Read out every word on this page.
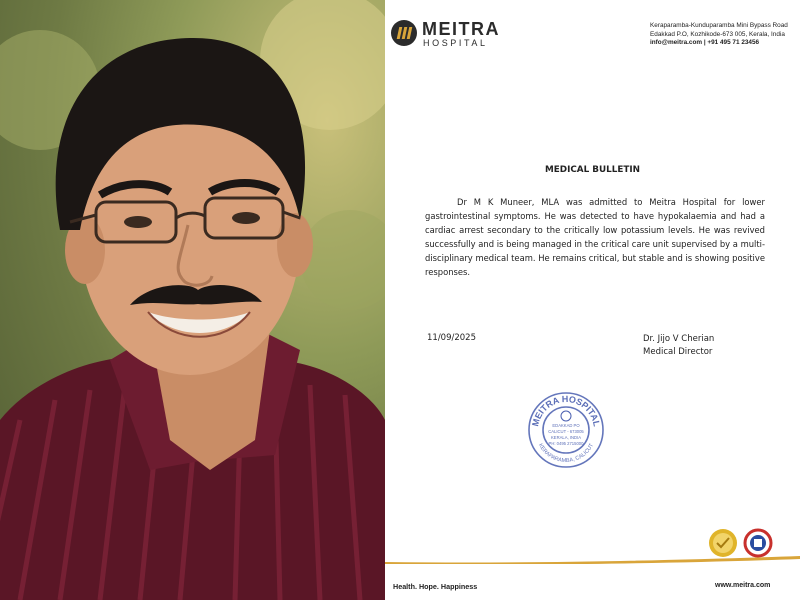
MEITRA
HOSPITAL
Keraparamba-Kunduparamba Mini Bypass Road
Edakkad P.O, Kozhikode-673 005, Kerala, India
info@meitra.com | +91 495 71 23456
MEDICAL BULLETIN
Dr M K Muneer, MLA was admitted to Meitra Hospital for lower gastrointestinal symptoms. He was detected to have hypokalaemia and had a cardiac arrest secondary to the critically low potassium levels. He was revived successfully and is being managed in the critical care unit supervised by a multi-disciplinary medical team. He remains critical, but stable and is showing positive responses.
11/09/2025	Dr. Jijo V Cherian
Medical Director
MEITRA HOSPITAL
KERAPARAMBA, CALICUT
EDAKKAD PO
CALICUT - 673005
KERALA, INDIA
PH: 0495 2715000
Health. Hope. Happiness	www.meitra.com
